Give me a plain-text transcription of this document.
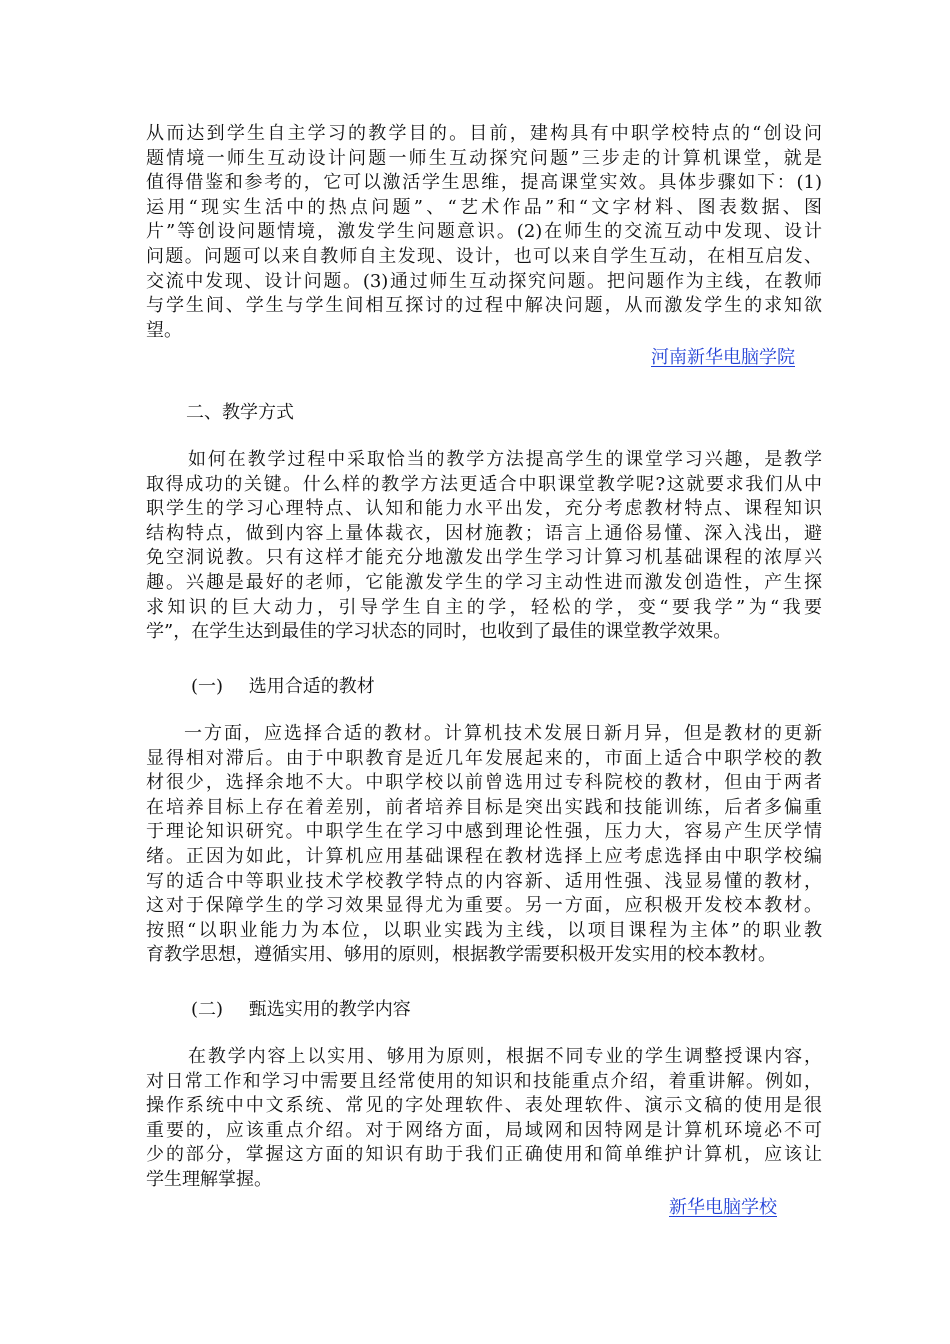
从而达到学生自主学习的教学目的。目前，建构具有中职学校特点的“创设问
题情境一师生互动设计问题一师生互动探究问题”三步走的计算机课堂，就是
值得借鉴和参考的，它可以激活学生思维，提高课堂实效。具体步骤如下：(1)
运用“现实生活中的热点问题”、“艺术作品”和“文字材料、图表数据、图
片”等创设问题情境，激发学生问题意识。(2)在师生的交流互动中发现、设计
问题。问题可以来自教师自主发现、设计，也可以来自学生互动，在相互启发、
交流中发现、设计问题。(3)通过师生互动探究问题。把问题作为主线，在教师
与学生间、学生与学生间相互探讨的过程中解决问题，从而激发学生的求知欲
望。
河南新华电脑学院
二、教学方式
如何在教学过程中采取恰当的教学方法提高学生的课堂学习兴趣，是教学
取得成功的关键。什么样的教学方法更适合中职课堂教学呢?这就要求我们从中
职学生的学习心理特点、认知和能力水平出发，充分考虑教材特点、课程知识
结构特点，做到内容上量体裁衣，因材施教；语言上通俗易懂、深入浅出，避
免空洞说教。只有这样才能充分地激发出学生学习计算习机基础课程的浓厚兴
趣。兴趣是最好的老师，它能激发学生的学习主动性进而激发创造性，产生探
求知识的巨大动力，引导学生自主的学，轻松的学，变“要我学”为“我要
学”，在学生达到最佳的学习状态的同时，也收到了最佳的课堂教学效果。
(一) 选用合适的教材
一方面，应选择合适的教材。计算机技术发展日新月异，但是教材的更新
显得相对滞后。由于中职教育是近几年发展起来的，市面上适合中职学校的教
材很少，选择余地不大。中职学校以前曾选用过专科院校的教材，但由于两者
在培养目标上存在着差别，前者培养目标是突出实践和技能训练，后者多偏重
于理论知识研究。中职学生在学习中感到理论性强，压力大，容易产生厌学情
绪。正因为如此，计算机应用基础课程在教材选择上应考虑选择由中职学校编
写的适合中等职业技术学校教学特点的内容新、适用性强、浅显易懂的教材，
这对于保障学生的学习效果显得尤为重要。另一方面，应积极开发校本教材。
按照“以职业能力为本位，以职业实践为主线，以项目课程为主体”的职业教
育教学思想，遵循实用、够用的原则，根据教学需要积极开发实用的校本教材。
(二) 甄选实用的教学内容
在教学内容上以实用、够用为原则，根据不同专业的学生调整授课内容，
对日常工作和学习中需要且经常使用的知识和技能重点介绍，着重讲解。例如，
操作系统中中文系统、常见的字处理软件、表处理软件、演示文稿的使用是很
重要的，应该重点介绍。对于网络方面，局域网和因特网是计算机环境必不可
少的部分，掌握这方面的知识有助于我们正确使用和简单维护计算机，应该让
学生理解掌握。
新华电脑学校
